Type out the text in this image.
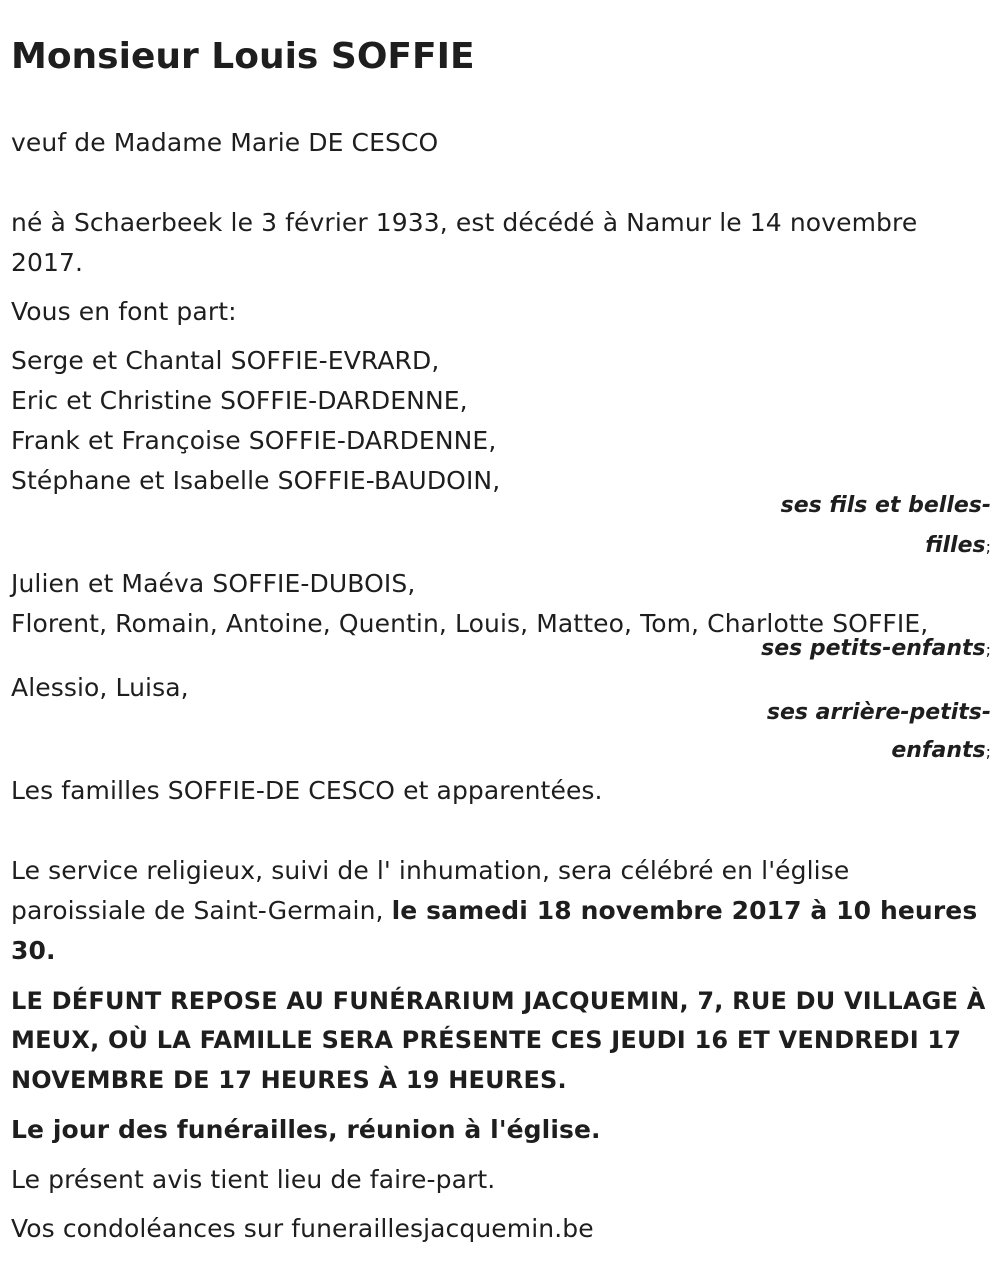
Monsieur Louis SOFFIE
veuf de Madame Marie DE CESCO
né à Schaerbeek le 3 février 1933, est décédé à Namur le 14 novembre
2017.
Vous en font part:
Serge et Chantal SOFFIE-EVRARD,
Eric et Christine SOFFIE-DARDENNE,
Frank et Françoise SOFFIE-DARDENNE,
Stéphane et Isabelle SOFFIE-BAUDOIN,
ses fils et belles-
filles;
Julien et Maéva SOFFIE-DUBOIS,
Florent, Romain, Antoine, Quentin, Louis, Matteo, Tom, Charlotte SOFFIE,
ses petits-enfants;
Alessio, Luisa,
ses arrière-petits-
enfants;
Les familles SOFFIE-DE CESCO et apparentées.
Le service religieux, suivi de l' inhumation, sera célébré en l'église
paroissiale de Saint-Germain, le samedi 18 novembre 2017 à 10 heures
30.
LE DÉFUNT REPOSE AU FUNÉRARIUM JACQUEMIN, 7, RUE DU VILLAGE À
MEUX, OÙ LA FAMILLE SERA PRÉSENTE CES JEUDI 16 ET VENDREDI 17
NOVEMBRE DE 17 HEURES À 19 HEURES.
Le jour des funérailles, réunion à l'église.
Le présent avis tient lieu de faire-part.
Vos condoléances sur funeraillesjacquemin.be
